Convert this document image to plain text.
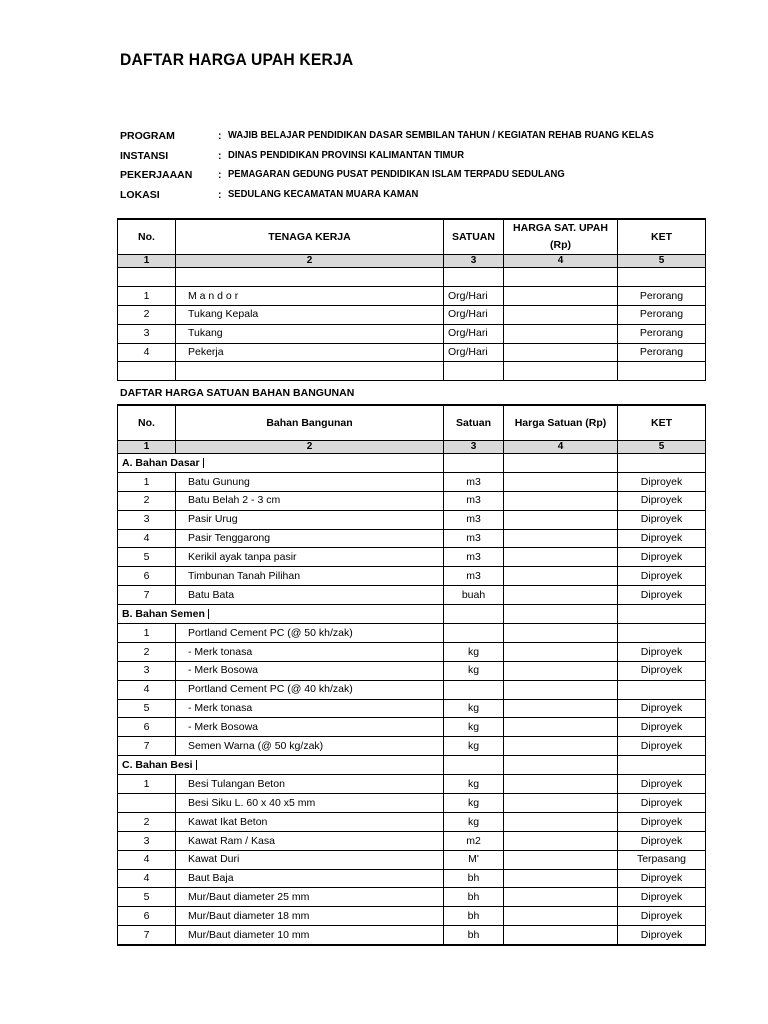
DAFTAR HARGA UPAH KERJA
PROGRAM	: WAJIB BELAJAR PENDIDIKAN DASAR SEMBILAN TAHUN / KEGIATAN REHAB RUANG KELAS
INSTANSI	: DINAS PENDIDIKAN PROVINSI KALIMANTAN TIMUR
PEKERJAAAN : PEMAGARAN GEDUNG PUSAT PENDIDIKAN ISLAM TERPADU SEDULANG
LOKASI	: SEDULANG KECAMATAN MUARA KAMAN
No.	TENAGA KERJA	SATUAN	HARGA SAT. UPAH (Rp)	KET
1	2	3	4	5

1	M a n d o r	Org/Hari		Perorang
2	Tukang Kepala	Org/Hari		Perorang
3	Tukang	Org/Hari		Perorang
4	Pekerja	Org/Hari		Perorang

DAFTAR HARGA SATUAN BAHAN BANGUNAN
No.	Bahan Bangunan	Satuan	Harga Satuan (Rp)	KET
1	2	3	4	5
A. Bahan Dasar				
1	Batu Gunung	m3		Diproyek
2	Batu Belah 2 - 3 cm	m3		Diproyek
3	Pasir Urug	m3		Diproyek
4	Pasir Tenggarong	m3		Diproyek
5	Kerikil ayak tanpa pasir	m3		Diproyek
6	Timbunan Tanah Pilihan	m3		Diproyek
7	Batu Bata	buah		Diproyek
B. Bahan Semen				
1	Portland Cement PC (@ 50 kh/zak)			
2	- Merk tonasa	kg		Diproyek
3	- Merk Bosowa	kg		Diproyek
4	Portland Cement PC (@ 40 kh/zak)			
5	- Merk tonasa	kg		Diproyek
6	- Merk Bosowa	kg		Diproyek
7	Semen Warna (@ 50 kg/zak)	kg		Diproyek
C. Bahan Besi				
1	Besi Tulangan Beton	kg		Diproyek
	Besi Siku L. 60 x 40 x5 mm	kg		Diproyek
2	Kawat Ikat Beton	kg		Diproyek
3	Kawat Ram / Kasa	m2		Diproyek
4	Kawat Duri	M'		Terpasang
4	Baut Baja	bh		Diproyek
5	Mur/Baut diameter 25 mm	bh		Diproyek
6	Mur/Baut diameter 18 mm	bh		Diproyek
7	Mur/Baut diameter 10 mm	bh		Diproyek
